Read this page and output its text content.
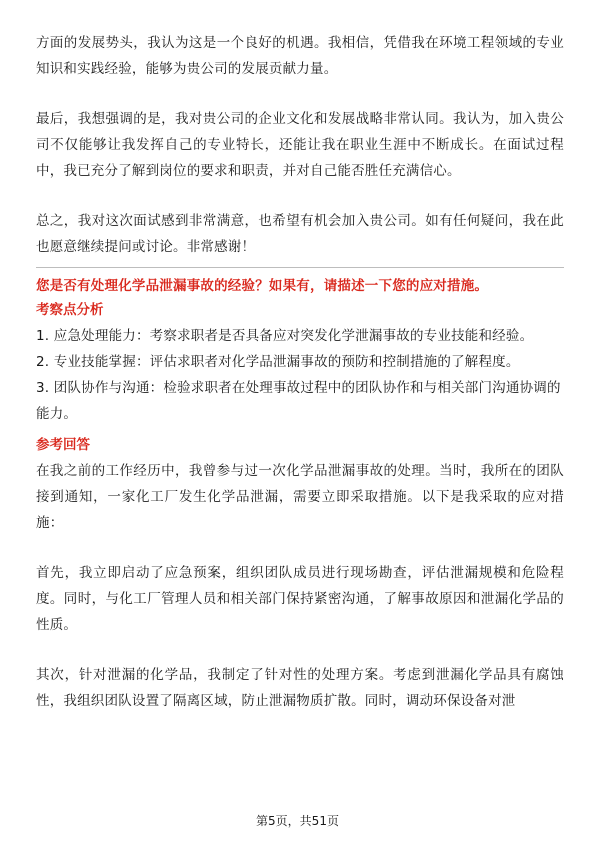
方面的发展势头，我认为这是一个良好的机遇。我相信，凭借我在环境工程领域的专业知识和实践经验，能够为贵公司的发展贡献力量。

最后，我想强调的是，我对贵公司的企业文化和发展战略非常认同。我认为，加入贵公司不仅能够让我发挥自己的专业特长，还能让我在职业生涯中不断成长。在面试过程中，我已充分了解到岗位的要求和职责，并对自己能否胜任充满信心。

总之，我对这次面试感到非常满意，也希望有机会加入贵公司。如有任何疑问，我在此也愿意继续提问或讨论。非常感谢！

您是否有处理化学品泄漏事故的经验？如果有，请描述一下您的应对措施。

考察点分析

1. 应急处理能力：考察求职者是否具备应对突发化学泄漏事故的专业技能和经验。
2. 专业技能掌握：评估求职者对化学品泄漏事故的预防和控制措施的了解程度。
3. 团队协作与沟通：检验求职者在处理事故过程中的团队协作和与相关部门沟通协调的能力。

参考回答

在我之前的工作经历中，我曾参与过一次化学品泄漏事故的处理。当时，我所在的团队接到通知，一家化工厂发生化学品泄漏，需要立即采取措施。以下是我采取的应对措施：

首先，我立即启动了应急预案，组织团队成员进行现场勘查，评估泄漏规模和危险程度。同时，与化工厂管理人员和相关部门保持紧密沟通，了解事故原因和泄漏化学品的性质。

其次，针对泄漏的化学品，我制定了针对性的处理方案。考虑到泄漏化学品具有腐蚀性，我组织团队设置了隔离区域，防止泄漏物质扩散。同时，调动环保设备对泄

第5页，共51页
